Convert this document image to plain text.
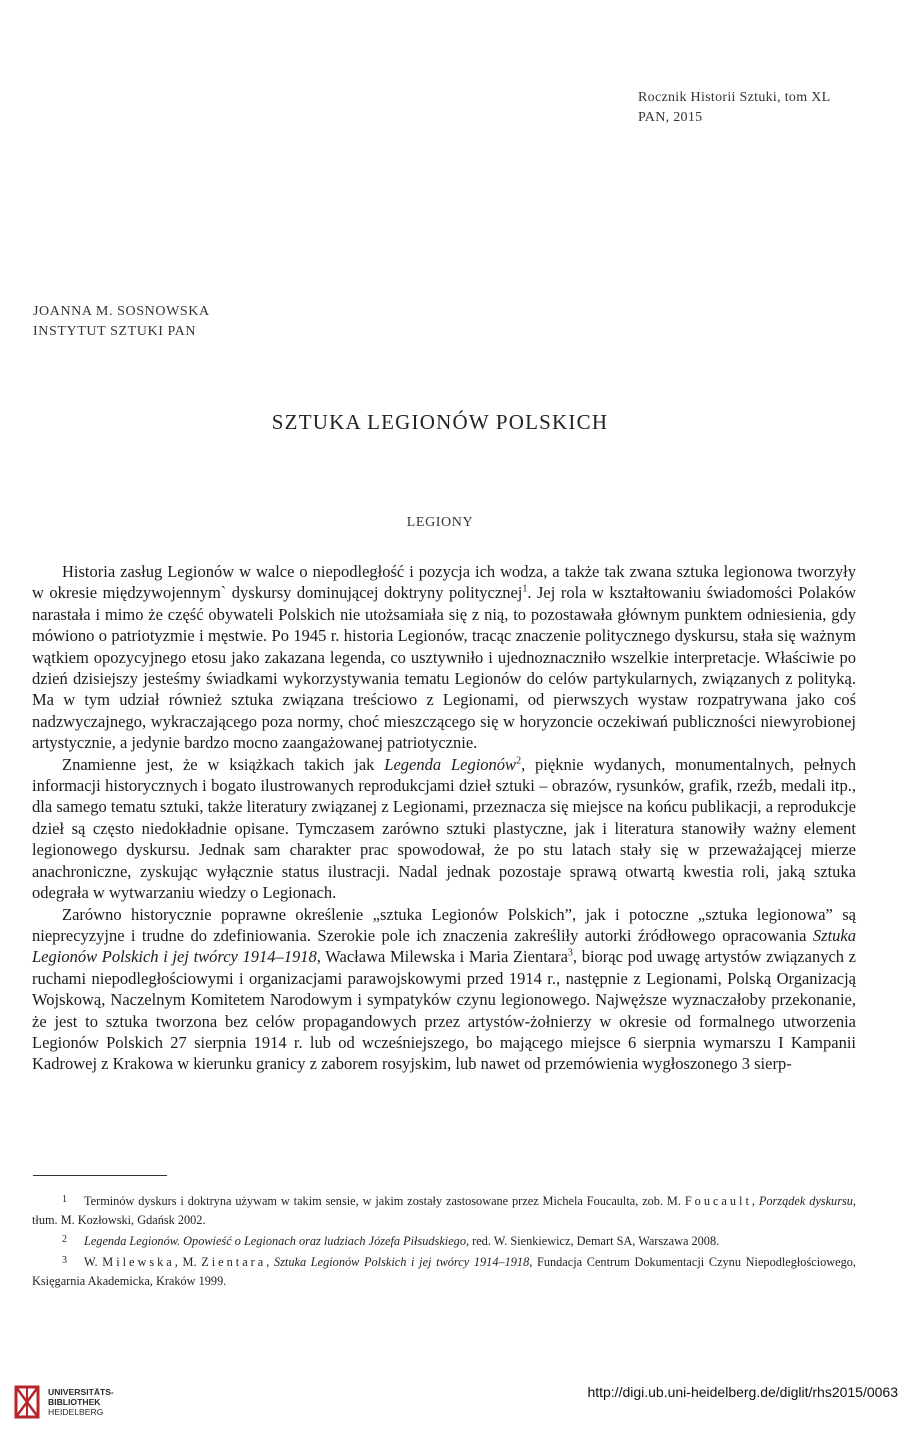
Rocznik Historii Sztuki, tom XL
PAN, 2015
JOANNA M. SOSNOWSKA
INSTYTUT SZTUKI PAN
SZTUKA LEGIONÓW POLSKICH
LEGIONY

Historia zasług Legionów w walce o niepodległość i pozycja ich wodza, a także tak zwana sztuka legionowa tworzyły w okresie międzywojennym` dyskursy dominującej doktryny politycznej$^1$. Jej rola w kształtowaniu świadomości Polaków narastała i mimo że część obywateli Polskich nie utożsamiała się z nią, to pozostawała głównym punktem odniesienia, gdy mówiono o patriotyzmie i męstwie. Po 1945 r. historia Legionów, tracąc znaczenie politycznego dyskursu, stała się ważnym wątkiem opozycyjnego etosu jako zakazana legenda, co usztywniło i ujednoznaczniło wszelkie interpretacje. Właściwie po dzień dzisiejszy jesteśmy świadkami wykorzystywania tematu Legionów do celów partykularnych, związanych z polityką. Ma w tym udział również sztuka związana treściowo z Legionami, od pierwszych wystaw rozpatrywana jako coś nadzwyczajnego, wykraczającego poza normy, choć mieszczącego się w horyzoncie oczekiwań publiczności niewyrobionej artystycznie, a jedynie bardzo mocno zaangażowanej patriotycznie.

Znamienne jest, że w książkach takich jak Legenda Legionów$^2$, pięknie wydanych, monumentalnych, pełnych informacji historycznych i bogato ilustrowanych reprodukcjami dzieł sztuki – obrazów, rysunków, grafik, rzeźb, medali itp., dla samego tematu sztuki, także literatury związanej z Legionami, przeznacza się miejsce na końcu publikacji, a reprodukcje dzieł są często niedokładnie opisane. Tymczasem zarówno sztuki plastyczne, jak i literatura stanowiły ważny element legionowego dyskursu. Jednak sam charakter prac spowodował, że po stu latach stały się w przeważającej mierze anachroniczne, zyskując wyłącznie status ilustracji. Nadal jednak pozostaje sprawą otwartą kwestia roli, jaką sztuka odegrała w wytwarzaniu wiedzy o Legionach.

Zarówno historycznie poprawne określenie „sztuka Legionów Polskich”, jak i potoczne „sztuka legionowa” są nieprecyzyjne i trudne do zdefiniowania. Szerokie pole ich znaczenia zakreśliły autorki źródłowego opracowania Sztuka Legionów Polskich i jej twórcy 1914–1918, Wacława Milewska i Maria Zientara$^3$, biorąc pod uwagę artystów związanych z ruchami niepodległościowymi i organizacjami parawojskowymi przed 1914 r., następnie z Legionami, Polską Organizacją Wojskową, Naczelnym Komitetem Narodowym i sympatyków czynu legionowego. Najwęższe wyznaczałoby przekonanie, że jest to sztuka tworzona bez celów propagandowych przez artystów-żołnierzy w okresie od formalnego utworzenia Legionów Polskich 27 sierpnia 1914 r. lub od wcześniejszego, bo mającego miejsce 6 sierpnia wymarszu I Kampanii Kadrowej z Krakowa w kierunku granicy z zaborem rosyjskim, lub nawet od przemówienia wygłoszonego 3 sierp-

1 Terminów dyskurs i doktryna używam w takim sensie, w jakim zostały zastosowane przez Michela Foucaulta, zob. M. Foucault, Porządek dyskursu, tłum. M. Kozłowski, Gdańsk 2002.

2 Legenda Legionów. Opowieść o Legionach oraz ludziach Józefa Piłsudskiego, red. W. Sienkiewicz, Demart SA, Warszawa 2008.

3 W. Milewska, M. Zientara, Sztuka Legionów Polskich i jej twórcy 1914–1918, Fundacja Centrum Dokumentacji Czynu Niepodległościowego, Księgarnia Akademicka, Kraków 1999.

UNIVERSITÄTS-
BIBLIOTHEK
HEIDELBERG
http://digi.ub.uni-heidelberg.de/diglit/rhs2015/0063
